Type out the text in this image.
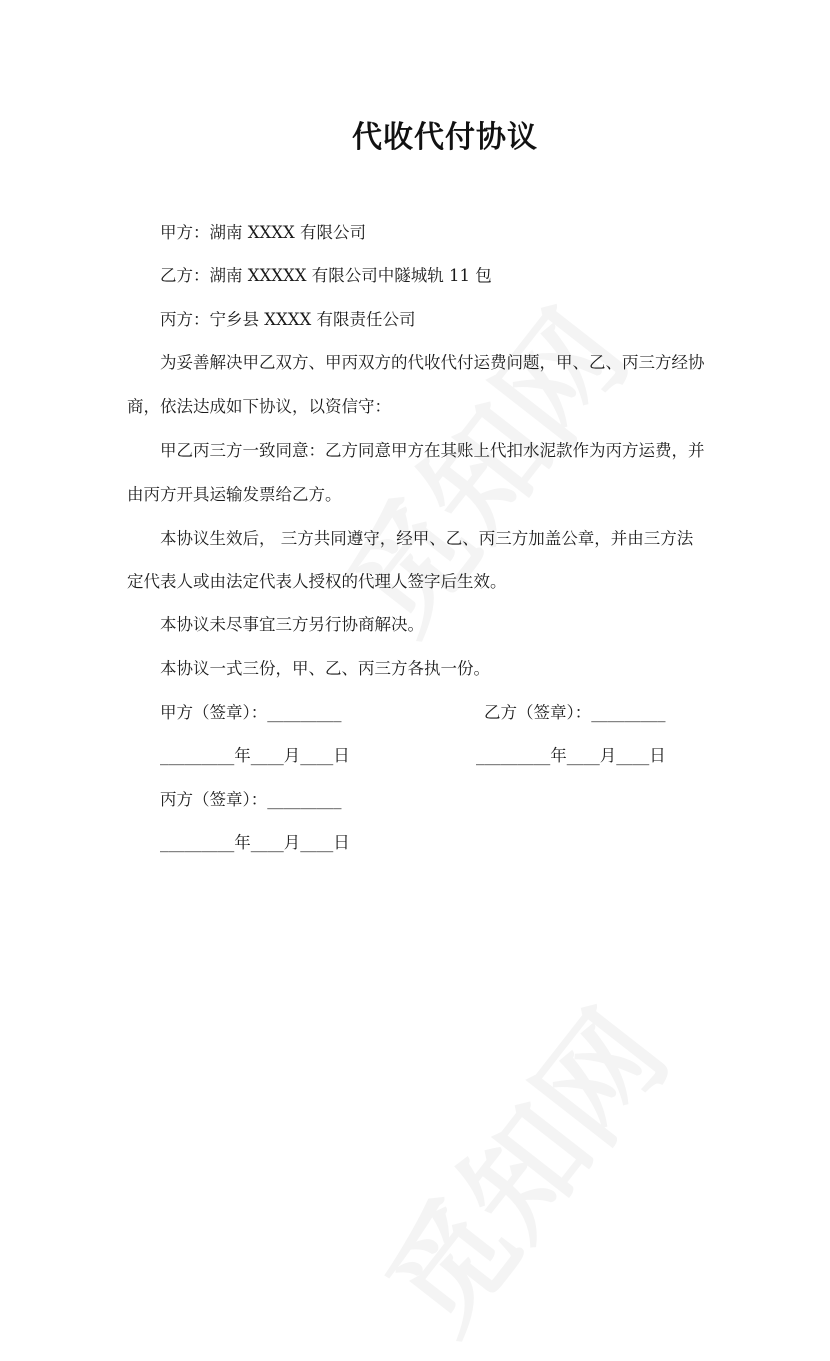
代收代付协议
甲方：湖南 XXXX 有限公司
乙方：湖南 XXXXX 有限公司中隧城轨 11 包
丙方：宁乡县 XXXX 有限责任公司
为妥善解决甲乙双方、甲丙双方的代收代付运费问题，甲、乙、丙三方经协
商，依法达成如下协议，以资信守：
甲乙丙三方一致同意：乙方同意甲方在其账上代扣水泥款作为丙方运费，并
由丙方开具运输发票给乙方。
本协议生效后， 三方共同遵守，经甲、乙、丙三方加盖公章，并由三方法
定代表人或由法定代表人授权的代理人签字后生效。
本协议未尽事宜三方另行协商解决。
本协议一式三份，甲、乙、丙三方各执一份。
甲方（签章）：_________	乙方（签章）：_________
_________年____月____日	_________年____月____日
丙方（签章）：_________
_________年____月____日
